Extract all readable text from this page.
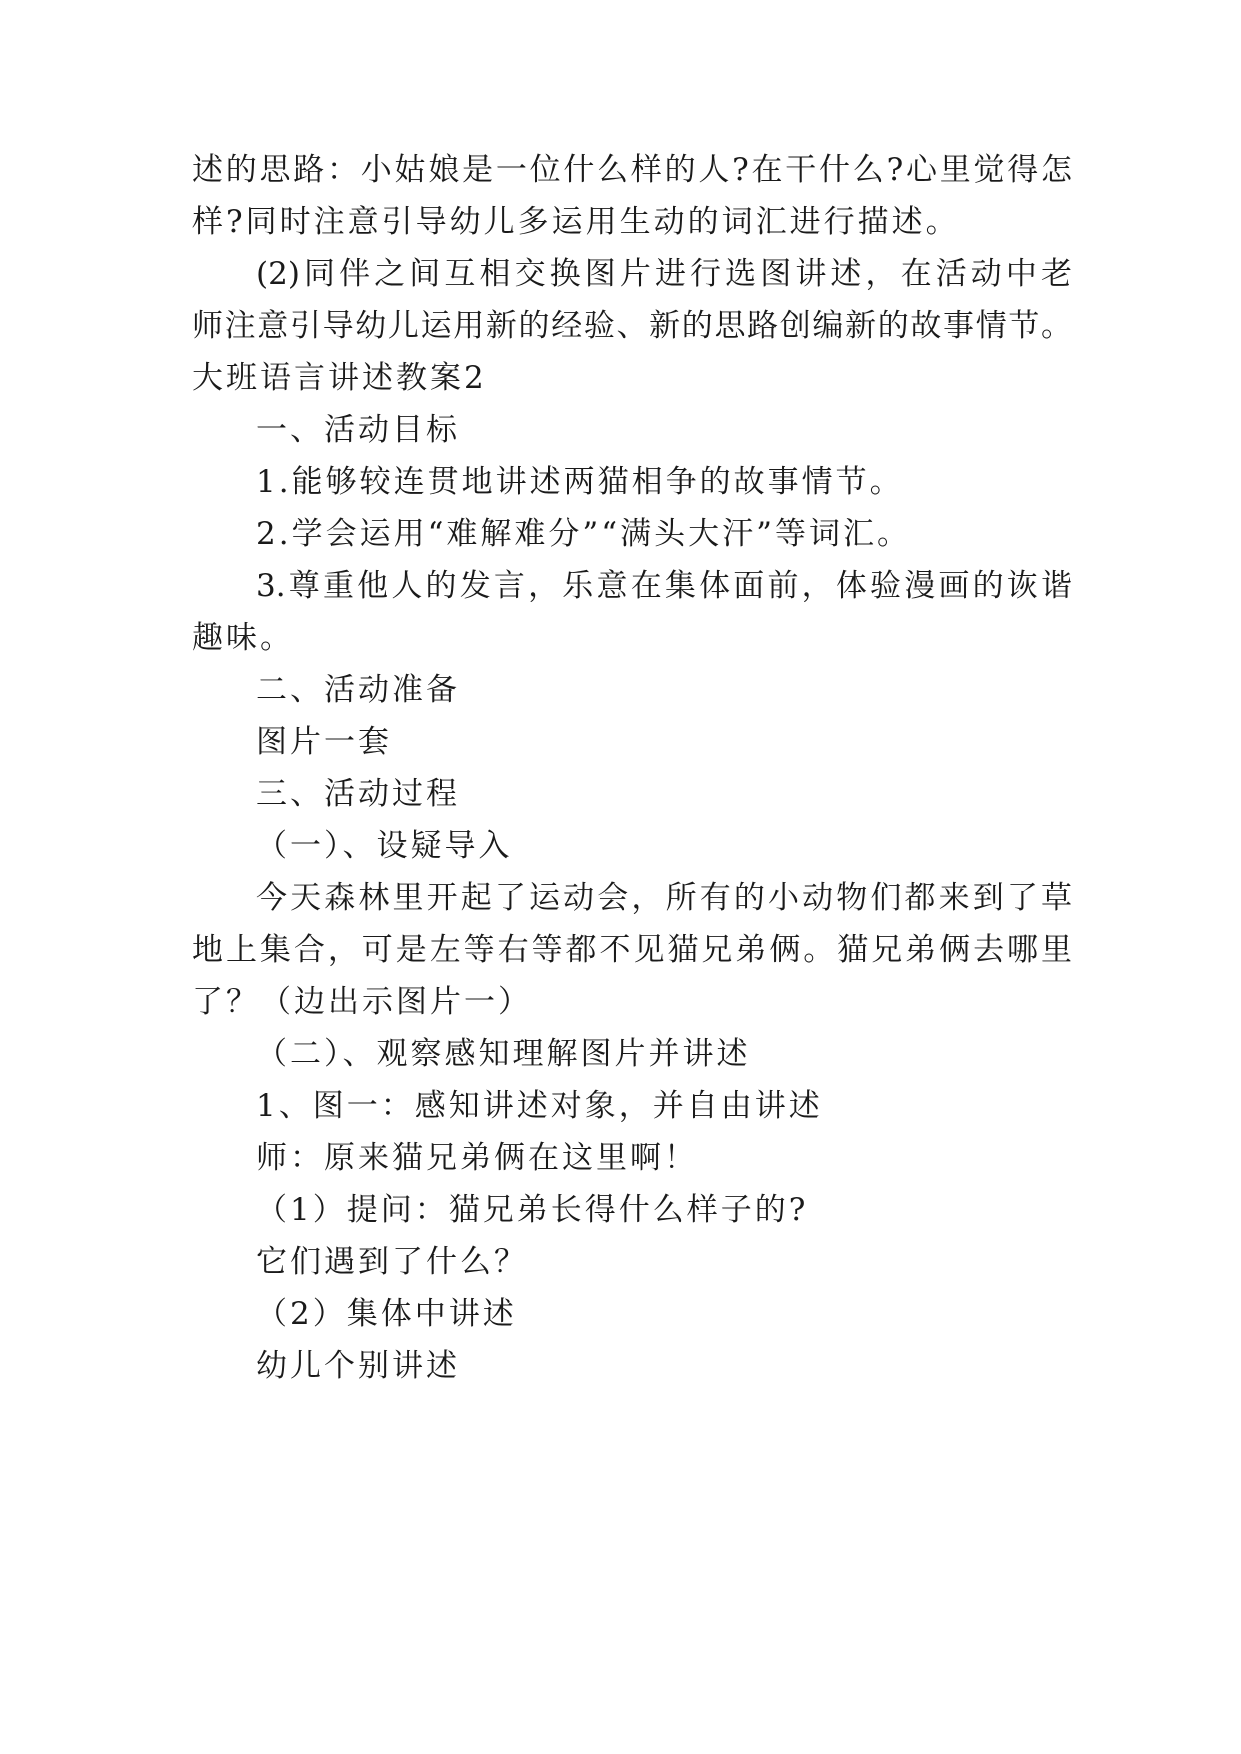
述的思路：小姑娘是一位什么样的人?在干什么?心里觉得怎
样?同时注意引导幼儿多运用生动的词汇进行描述。
(2)同伴之间互相交换图片进行选图讲述，在活动中老
师注意引导幼儿运用新的经验、新的思路创编新的故事情节。
大班语言讲述教案2
一、活动目标
1.能够较连贯地讲述两猫相争的故事情节。
2.学会运用“难解难分”“满头大汗”等词汇。
3.尊重他人的发言，乐意在集体面前，体验漫画的诙谐
趣味。
二、活动准备
图片一套
三、活动过程
（一）、设疑导入
今天森林里开起了运动会，所有的小动物们都来到了草
地上集合，可是左等右等都不见猫兄弟俩。猫兄弟俩去哪里
了？（边出示图片一）
（二）、观察感知理解图片并讲述
1、图一：感知讲述对象，并自由讲述
师：原来猫兄弟俩在这里啊！
（1）提问：猫兄弟长得什么样子的?
它们遇到了什么？
（2）集体中讲述
幼儿个别讲述
